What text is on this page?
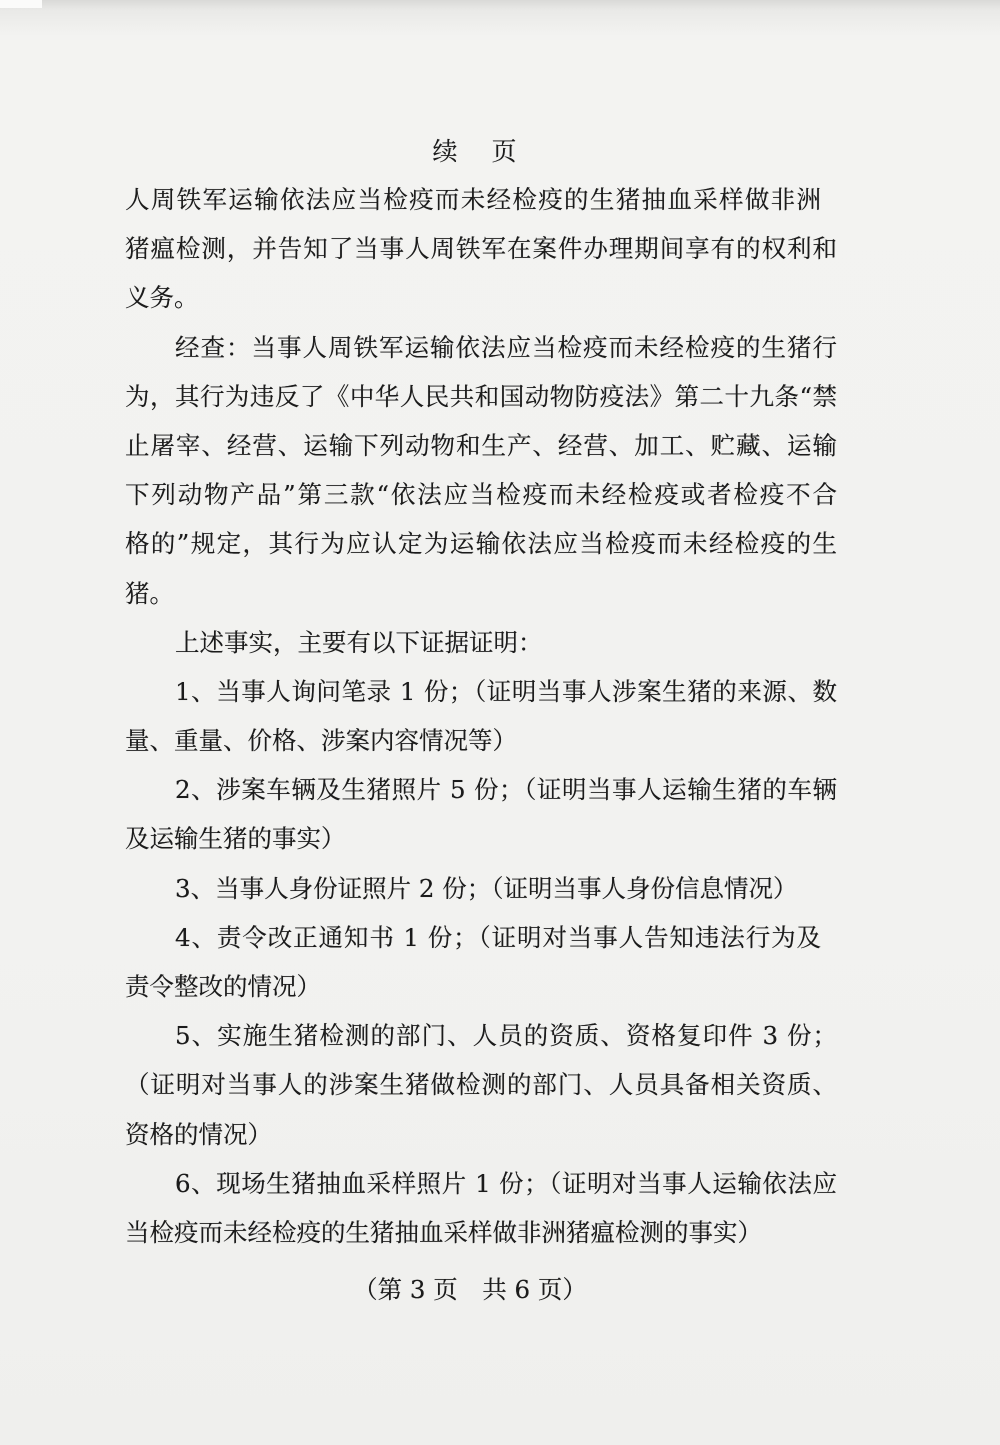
续 页
人周铁军运输依法应当检疫而未经检疫的生猪抽血采样做非洲
猪瘟检测，并告知了当事人周铁军在案件办理期间享有的权利和
义务。
经查：当事人周铁军运输依法应当检疫而未经检疫的生猪行
为，其行为违反了《中华人民共和国动物防疫法》第二十九条“禁
止屠宰、经营、运输下列动物和生产、经营、加工、贮藏、运输
下列动物产品”第三款“依法应当检疫而未经检疫或者检疫不合
格的”规定，其行为应认定为运输依法应当检疫而未经检疫的生
猪。
上述事实，主要有以下证据证明：
1、当事人询问笔录 1 份；（证明当事人涉案生猪的来源、数
量、重量、价格、涉案内容情况等）
2、涉案车辆及生猪照片 5 份；（证明当事人运输生猪的车辆
及运输生猪的事实）
3、当事人身份证照片 2 份；（证明当事人身份信息情况）
4、责令改正通知书 1 份；（证明对当事人告知违法行为及
责令整改的情况）
5、实施生猪检测的部门、人员的资质、资格复印件 3 份；
（证明对当事人的涉案生猪做检测的部门、人员具备相关资质、
资格的情况）
6、现场生猪抽血采样照片 1 份；（证明对当事人运输依法应
当检疫而未经检疫的生猪抽血采样做非洲猪瘟检测的事实）
（第 3 页　共 6 页）
